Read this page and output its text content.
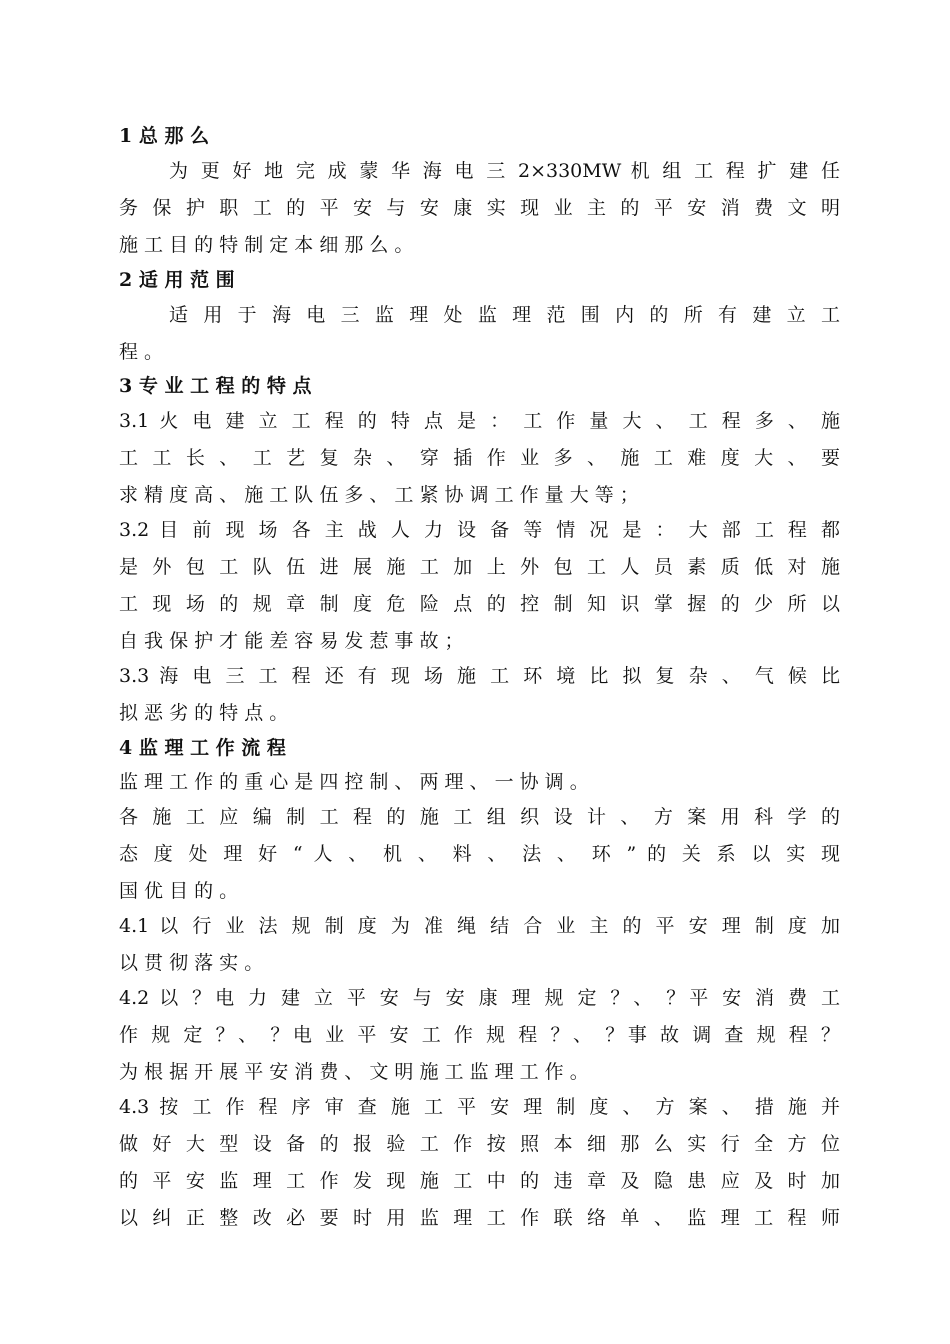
1 总 那 么
为 更 好 地 完 成 蒙 华 海 电 三 2×330MW 机 组 工 程 扩 建 任
务 保 护 职 工 的 平 安 与 安 康 实 现 业 主 的 平 安 消 费 文 明
施 工 目 的 特 制 定 本 细 那 么 。
2 适 用 范 围
适 用 于 海 电 三 监 理 处 监 理 范 围 内 的 所 有 建 立 工
程 。
3 专 业 工 程 的 特 点
3.1 火 电 建 立 工 程 的 特 点 是 ： 工 作 量 大 、 工 程 多 、 施
工 工 长 、 工 艺 复 杂 、 穿 插 作 业 多 、 施 工 难 度 大 、 要
求 精 度 高 、 施 工 队 伍 多 、 工 紧 协 调 工 作 量 大 等 ；
3.2 目 前 现 场 各 主 战 人 力 设 备 等 情 况 是 ： 大 部 工 程 都
是 外 包 工 队 伍 进 展 施 工 加 上 外 包 工 人 员 素 质 低 对 施
工 现 场 的 规 章 制 度 危 险 点 的 控 制 知 识 掌 握 的 少 所 以
自 我 保 护 才 能 差 容 易 发 惹 事 故 ；
3.3 海 电 三 工 程 还 有 现 场 施 工 环 境 比 拟 复 杂 、 气 候 比
拟 恶 劣 的 特 点 。
4 监 理 工 作 流 程
监 理 工 作 的 重 心 是 四 控 制 、 两 理 、 一 协 调 。
各 施 工 应 编 制 工 程 的 施 工 组 织 设 计 、 方 案 用 科 学 的
态 度 处 理 好 “ 人 、 机 、 料 、 法 、 环 ” 的 关 系 以 实 现
国 优 目 的 。
4.1 以 行 业 法 规 制 度 为 准 绳 结 合 业 主 的 平 安 理 制 度 加
以 贯 彻 落 实 。
4.2 以 ？电 力 建 立 平 安 与 安 康 理 规 定 ？、 ？平 安 消 费 工
作 规 定 ？、 ？电 业 平 安 工 作 规 程 ？、 ？事 故 调 查 规 程 ？
为 根 据 开 展 平 安 消 费 、 文 明 施 工 监 理 工 作 。
4.3 按 工 作 程 序 审 查 施 工 平 安 理 制 度 、 方 案 、 措 施 并
做 好 大 型 设 备 的 报 验 工 作 按 照 本 细 那 么 实 行 全 方 位
的 平 安 监 理 工 作 发 现 施 工 中 的 违 章 及 隐 患 应 及 时 加
以 纠 正 整 改 必 要 时 用 监 理 工 作 联 络 单 、 监 理 工 程 师
